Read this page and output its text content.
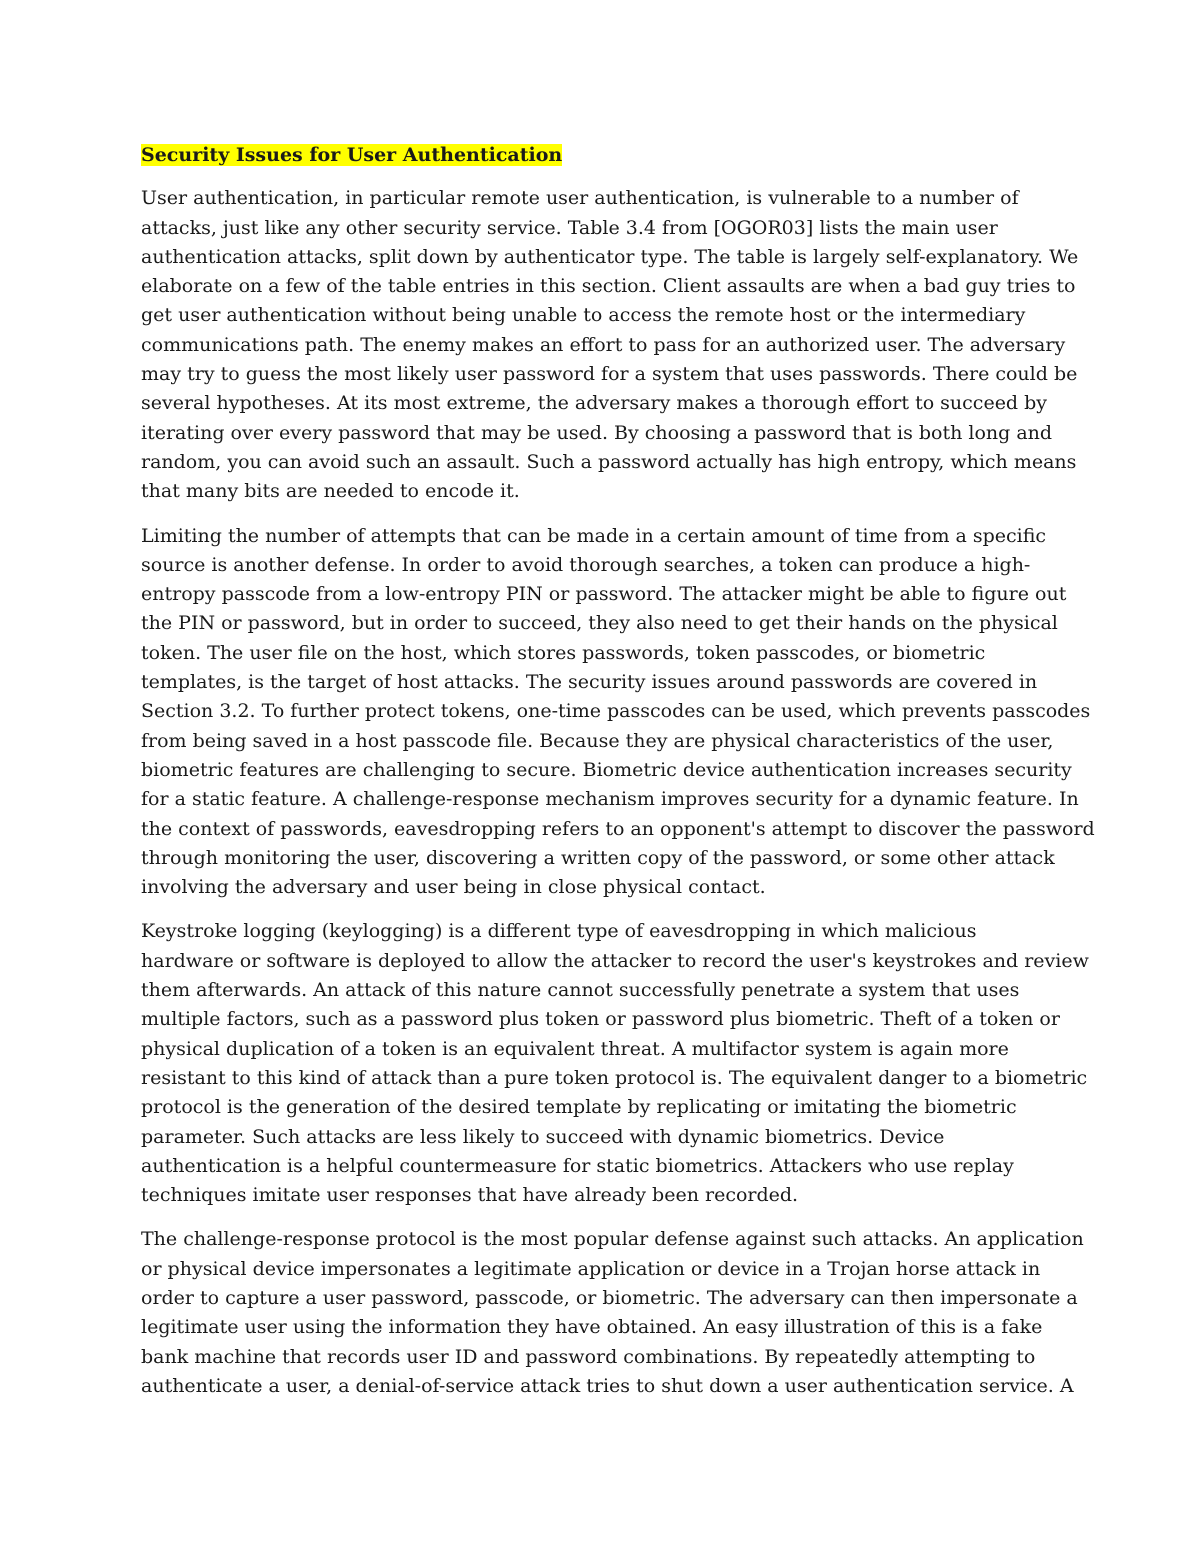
Security Issues for User Authentication
User authentication, in particular remote user authentication, is vulnerable to a number of
attacks, just like any other security service. Table 3.4 from [OGOR03] lists the main user
authentication attacks, split down by authenticator type. The table is largely self-explanatory. We
elaborate on a few of the table entries in this section. Client assaults are when a bad guy tries to
get user authentication without being unable to access the remote host or the intermediary
communications path. The enemy makes an effort to pass for an authorized user. The adversary
may try to guess the most likely user password for a system that uses passwords. There could be
several hypotheses. At its most extreme, the adversary makes a thorough effort to succeed by
iterating over every password that may be used. By choosing a password that is both long and
random, you can avoid such an assault. Such a password actually has high entropy, which means
that many bits are needed to encode it.
Limiting the number of attempts that can be made in a certain amount of time from a specific
source is another defense. In order to avoid thorough searches, a token can produce a high-
entropy passcode from a low-entropy PIN or password. The attacker might be able to figure out
the PIN or password, but in order to succeed, they also need to get their hands on the physical
token. The user file on the host, which stores passwords, token passcodes, or biometric
templates, is the target of host attacks. The security issues around passwords are covered in
Section 3.2. To further protect tokens, one-time passcodes can be used, which prevents passcodes
from being saved in a host passcode file. Because they are physical characteristics of the user,
biometric features are challenging to secure. Biometric device authentication increases security
for a static feature. A challenge-response mechanism improves security for a dynamic feature. In
the context of passwords, eavesdropping refers to an opponent's attempt to discover the password
through monitoring the user, discovering a written copy of the password, or some other attack
involving the adversary and user being in close physical contact.
Keystroke logging (keylogging) is a different type of eavesdropping in which malicious
hardware or software is deployed to allow the attacker to record the user's keystrokes and review
them afterwards. An attack of this nature cannot successfully penetrate a system that uses
multiple factors, such as a password plus token or password plus biometric. Theft of a token or
physical duplication of a token is an equivalent threat. A multifactor system is again more
resistant to this kind of attack than a pure token protocol is. The equivalent danger to a biometric
protocol is the generation of the desired template by replicating or imitating the biometric
parameter. Such attacks are less likely to succeed with dynamic biometrics. Device
authentication is a helpful countermeasure for static biometrics. Attackers who use replay
techniques imitate user responses that have already been recorded.
The challenge-response protocol is the most popular defense against such attacks. An application
or physical device impersonates a legitimate application or device in a Trojan horse attack in
order to capture a user password, passcode, or biometric. The adversary can then impersonate a
legitimate user using the information they have obtained. An easy illustration of this is a fake
bank machine that records user ID and password combinations. By repeatedly attempting to
authenticate a user, a denial-of-service attack tries to shut down a user authentication service. A
